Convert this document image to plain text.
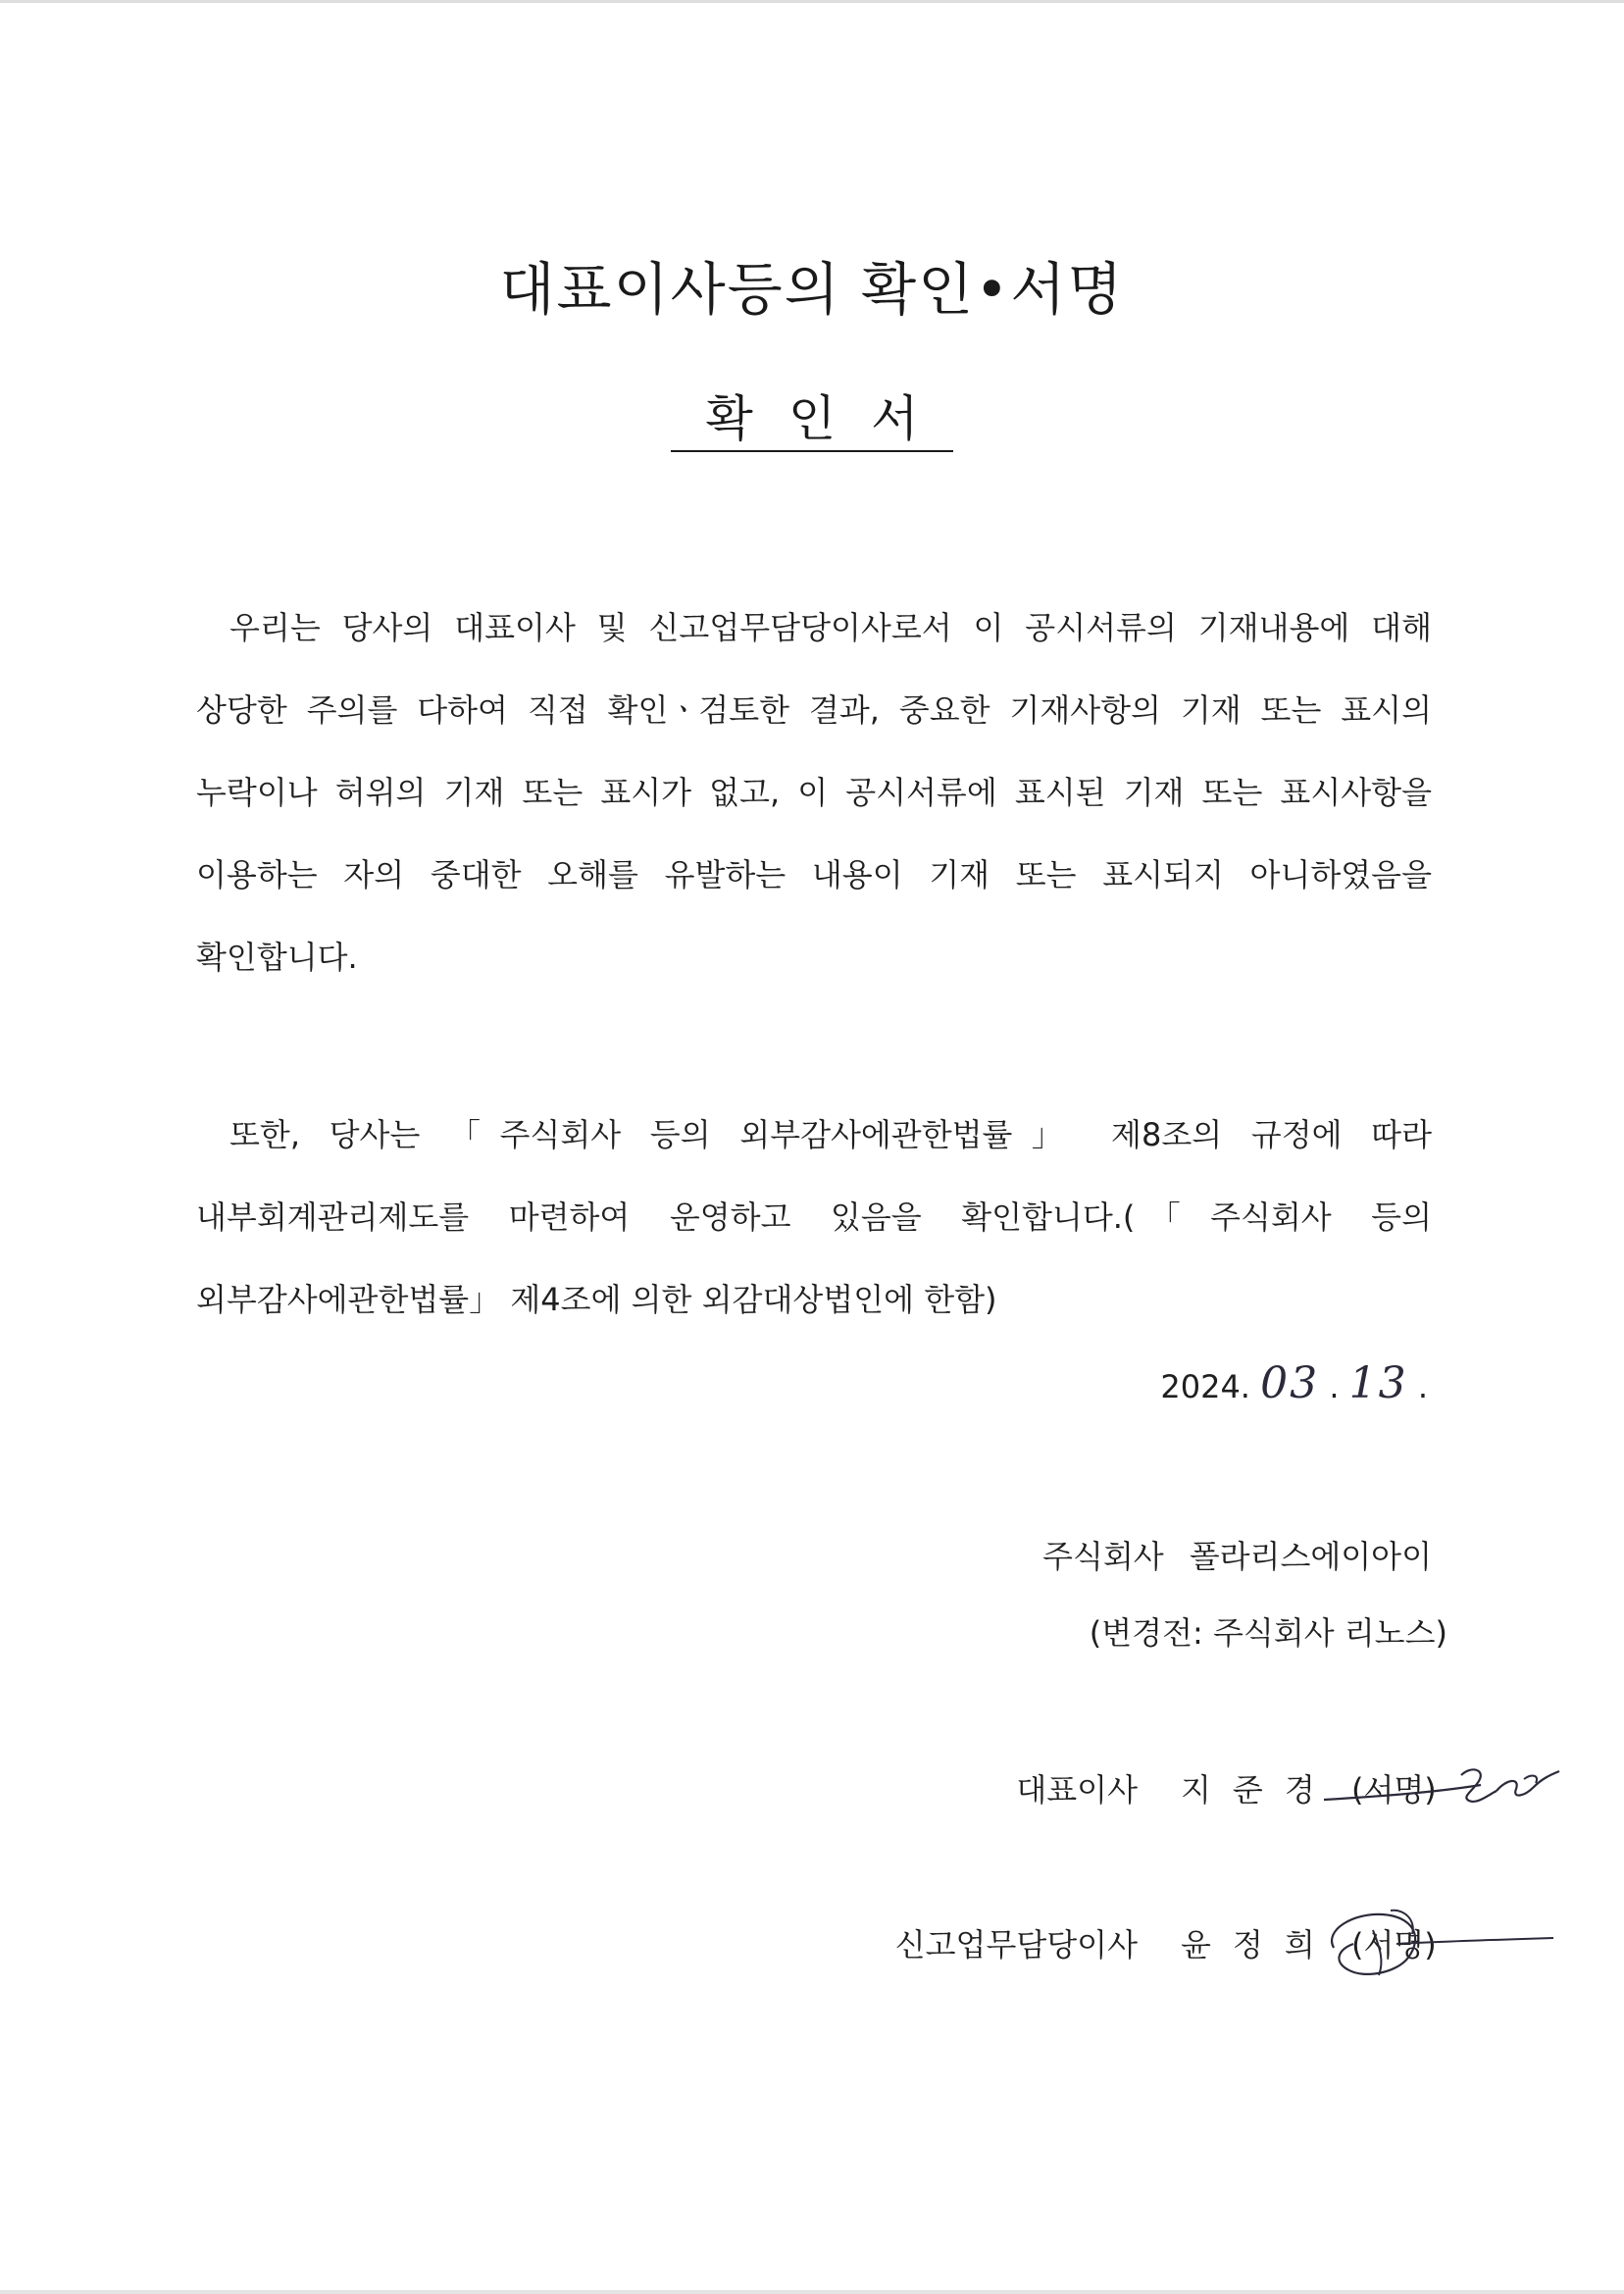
대표이사등의 확인•서명
확인서

우리는 당사의 대표이사 및 신고업무담당이사로서 이 공시서류의 기재내용에 대해 상당한 주의를 다하여 직접 확인ㆍ검토한 결과, 중요한 기재사항의 기재 또는 표시의 누락이나 허위의 기재 또는 표시가 없고, 이 공시서류에 표시된 기재 또는 표시사항을 이용하는 자의 중대한 오해를 유발하는 내용이 기재 또는 표시되지 아니하였음을 확인합니다.

또한, 당사는 「주식회사 등의 외부감사에관한법률」 제8조의 규정에 따라 내부회계관리제도를 마련하여 운영하고 있음을 확인합니다.(「주식회사 등의 외부감사에관한법률」 제4조에 의한 외감대상법인에 한함)

2024. 03 . 13 .
주식회사 폴라리스에이아이
(변경전: 주식회사 리노스)
대표이사 지준경 (서명)
신고업무담당이사 윤정희 (서명)
